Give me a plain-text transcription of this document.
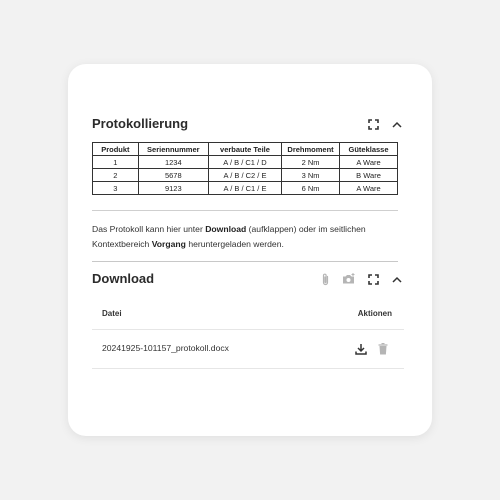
Protokollierung
Produkt	Seriennummer	verbaute Teile	Drehmoment	Güteklasse
1	1234	A / B / C1 / D	2 Nm	A Ware
2	5678	A / B / C2 / E	3 Nm	B Ware
3	9123	A / B / C1 / E	6 Nm	A Ware
Das Protokoll kann hier unter Download (aufklappen) oder im seitlichen Kontextbereich Vorgang heruntergeladen werden.
Download
Datei	Aktionen
20241925-101157_protokoll.docx
